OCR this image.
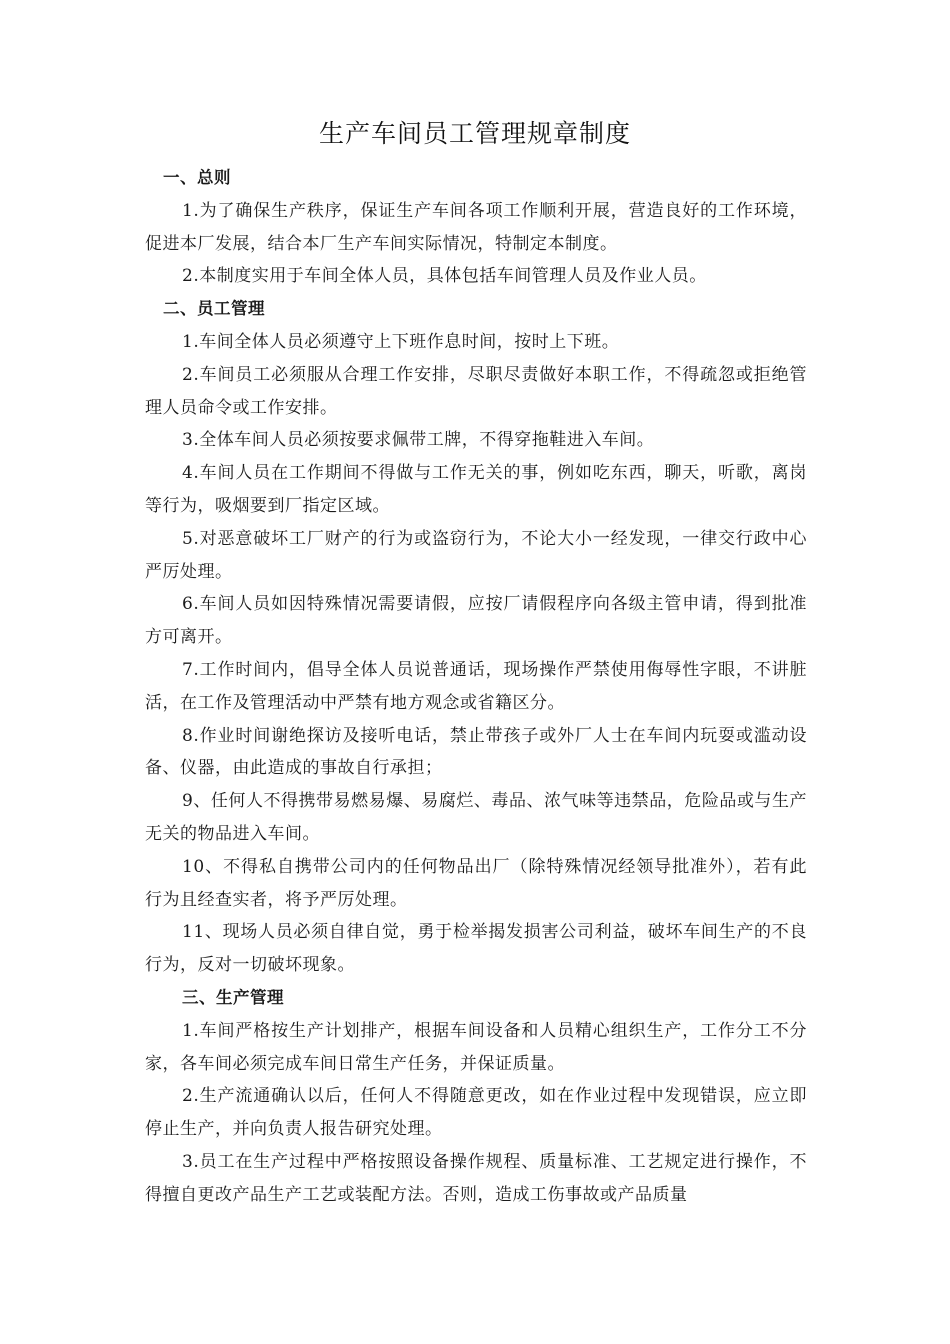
生产车间员工管理规章制度

一、总则

1.为了确保生产秩序，保证生产车间各项工作顺利开展，营造良好的工作环境，促进本厂发展，结合本厂生产车间实际情况，特制定本制度。

2.本制度实用于车间全体人员，具体包括车间管理人员及作业人员。

二、员工管理

1.车间全体人员必须遵守上下班作息时间，按时上下班。

2.车间员工必须服从合理工作安排，尽职尽责做好本职工作，不得疏忽或拒绝管理人员命令或工作安排。

3.全体车间人员必须按要求佩带工牌，不得穿拖鞋进入车间。

4.车间人员在工作期间不得做与工作无关的事，例如吃东西，聊天，听歌，离岗等行为，吸烟要到厂指定区域。

5.对恶意破坏工厂财产的行为或盗窃行为，不论大小一经发现，一律交行政中心严厉处理。

6.车间人员如因特殊情况需要请假，应按厂请假程序向各级主管申请，得到批准方可离开。

7.工作时间内，倡导全体人员说普通话，现场操作严禁使用侮辱性字眼，不讲脏活，在工作及管理活动中严禁有地方观念或省籍区分。

8.作业时间谢绝探访及接听电话，禁止带孩子或外厂人士在车间内玩耍或滥动设备、仪器，由此造成的事故自行承担；

9、任何人不得携带易燃易爆、易腐烂、毒品、浓气味等违禁品，危险品或与生产无关的物品进入车间。

10、不得私自携带公司内的任何物品出厂（除特殊情况经领导批准外），若有此行为且经查实者，将予严厉处理。

11、现场人员必须自律自觉，勇于检举揭发损害公司利益，破坏车间生产的不良行为，反对一切破坏现象。

三、生产管理

1.车间严格按生产计划排产，根据车间设备和人员精心组织生产，工作分工不分家，各车间必须完成车间日常生产任务，并保证质量。

2.生产流通确认以后，任何人不得随意更改，如在作业过程中发现错误，应立即停止生产，并向负责人报告研究处理。

3.员工在生产过程中严格按照设备操作规程、质量标准、工艺规定进行操作，不得擅自更改产品生产工艺或装配方法。否则，造成工伤事故或产品质量
